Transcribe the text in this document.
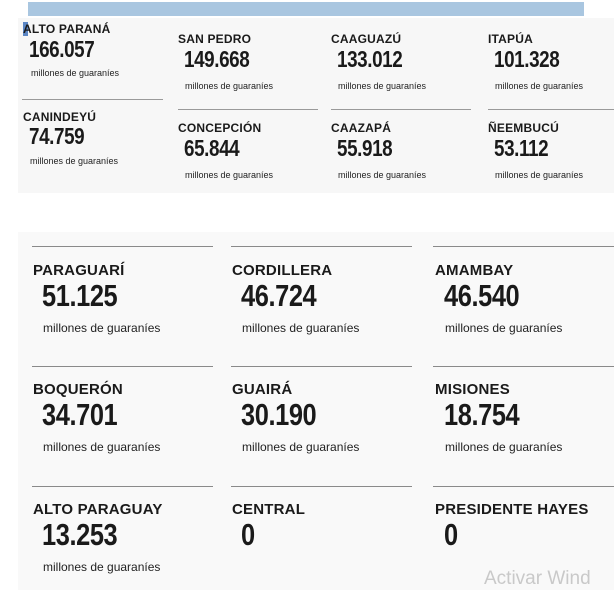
ALTO PARANÁ
166.057
millones de guaraníes
SAN PEDRO
149.668
millones de guaraníes
CAAGUAZÚ
133.012
millones de guaraníes
ITAPÚA
101.328
millones de guaraníes
CANINDEYÚ
74.759
millones de guaraníes
CONCEPCIÓN
65.844
millones de guaraníes
CAAZAPÁ
55.918
millones de guaraníes
ÑEEMBUCÚ
53.112
millones de guaraníes
PARAGUARÍ
51.125
millones de guaraníes
CORDILLERA
46.724
millones de guaraníes
AMAMBAY
46.540
millones de guaraníes
BOQUERÓN
34.701
millones de guaraníes
GUAIRÁ
30.190
millones de guaraníes
MISIONES
18.754
millones de guaraníes
ALTO PARAGUAY
13.253
millones de guaraníes
CENTRAL
0
PRESIDENTE HAYES
0
Activar Wind
